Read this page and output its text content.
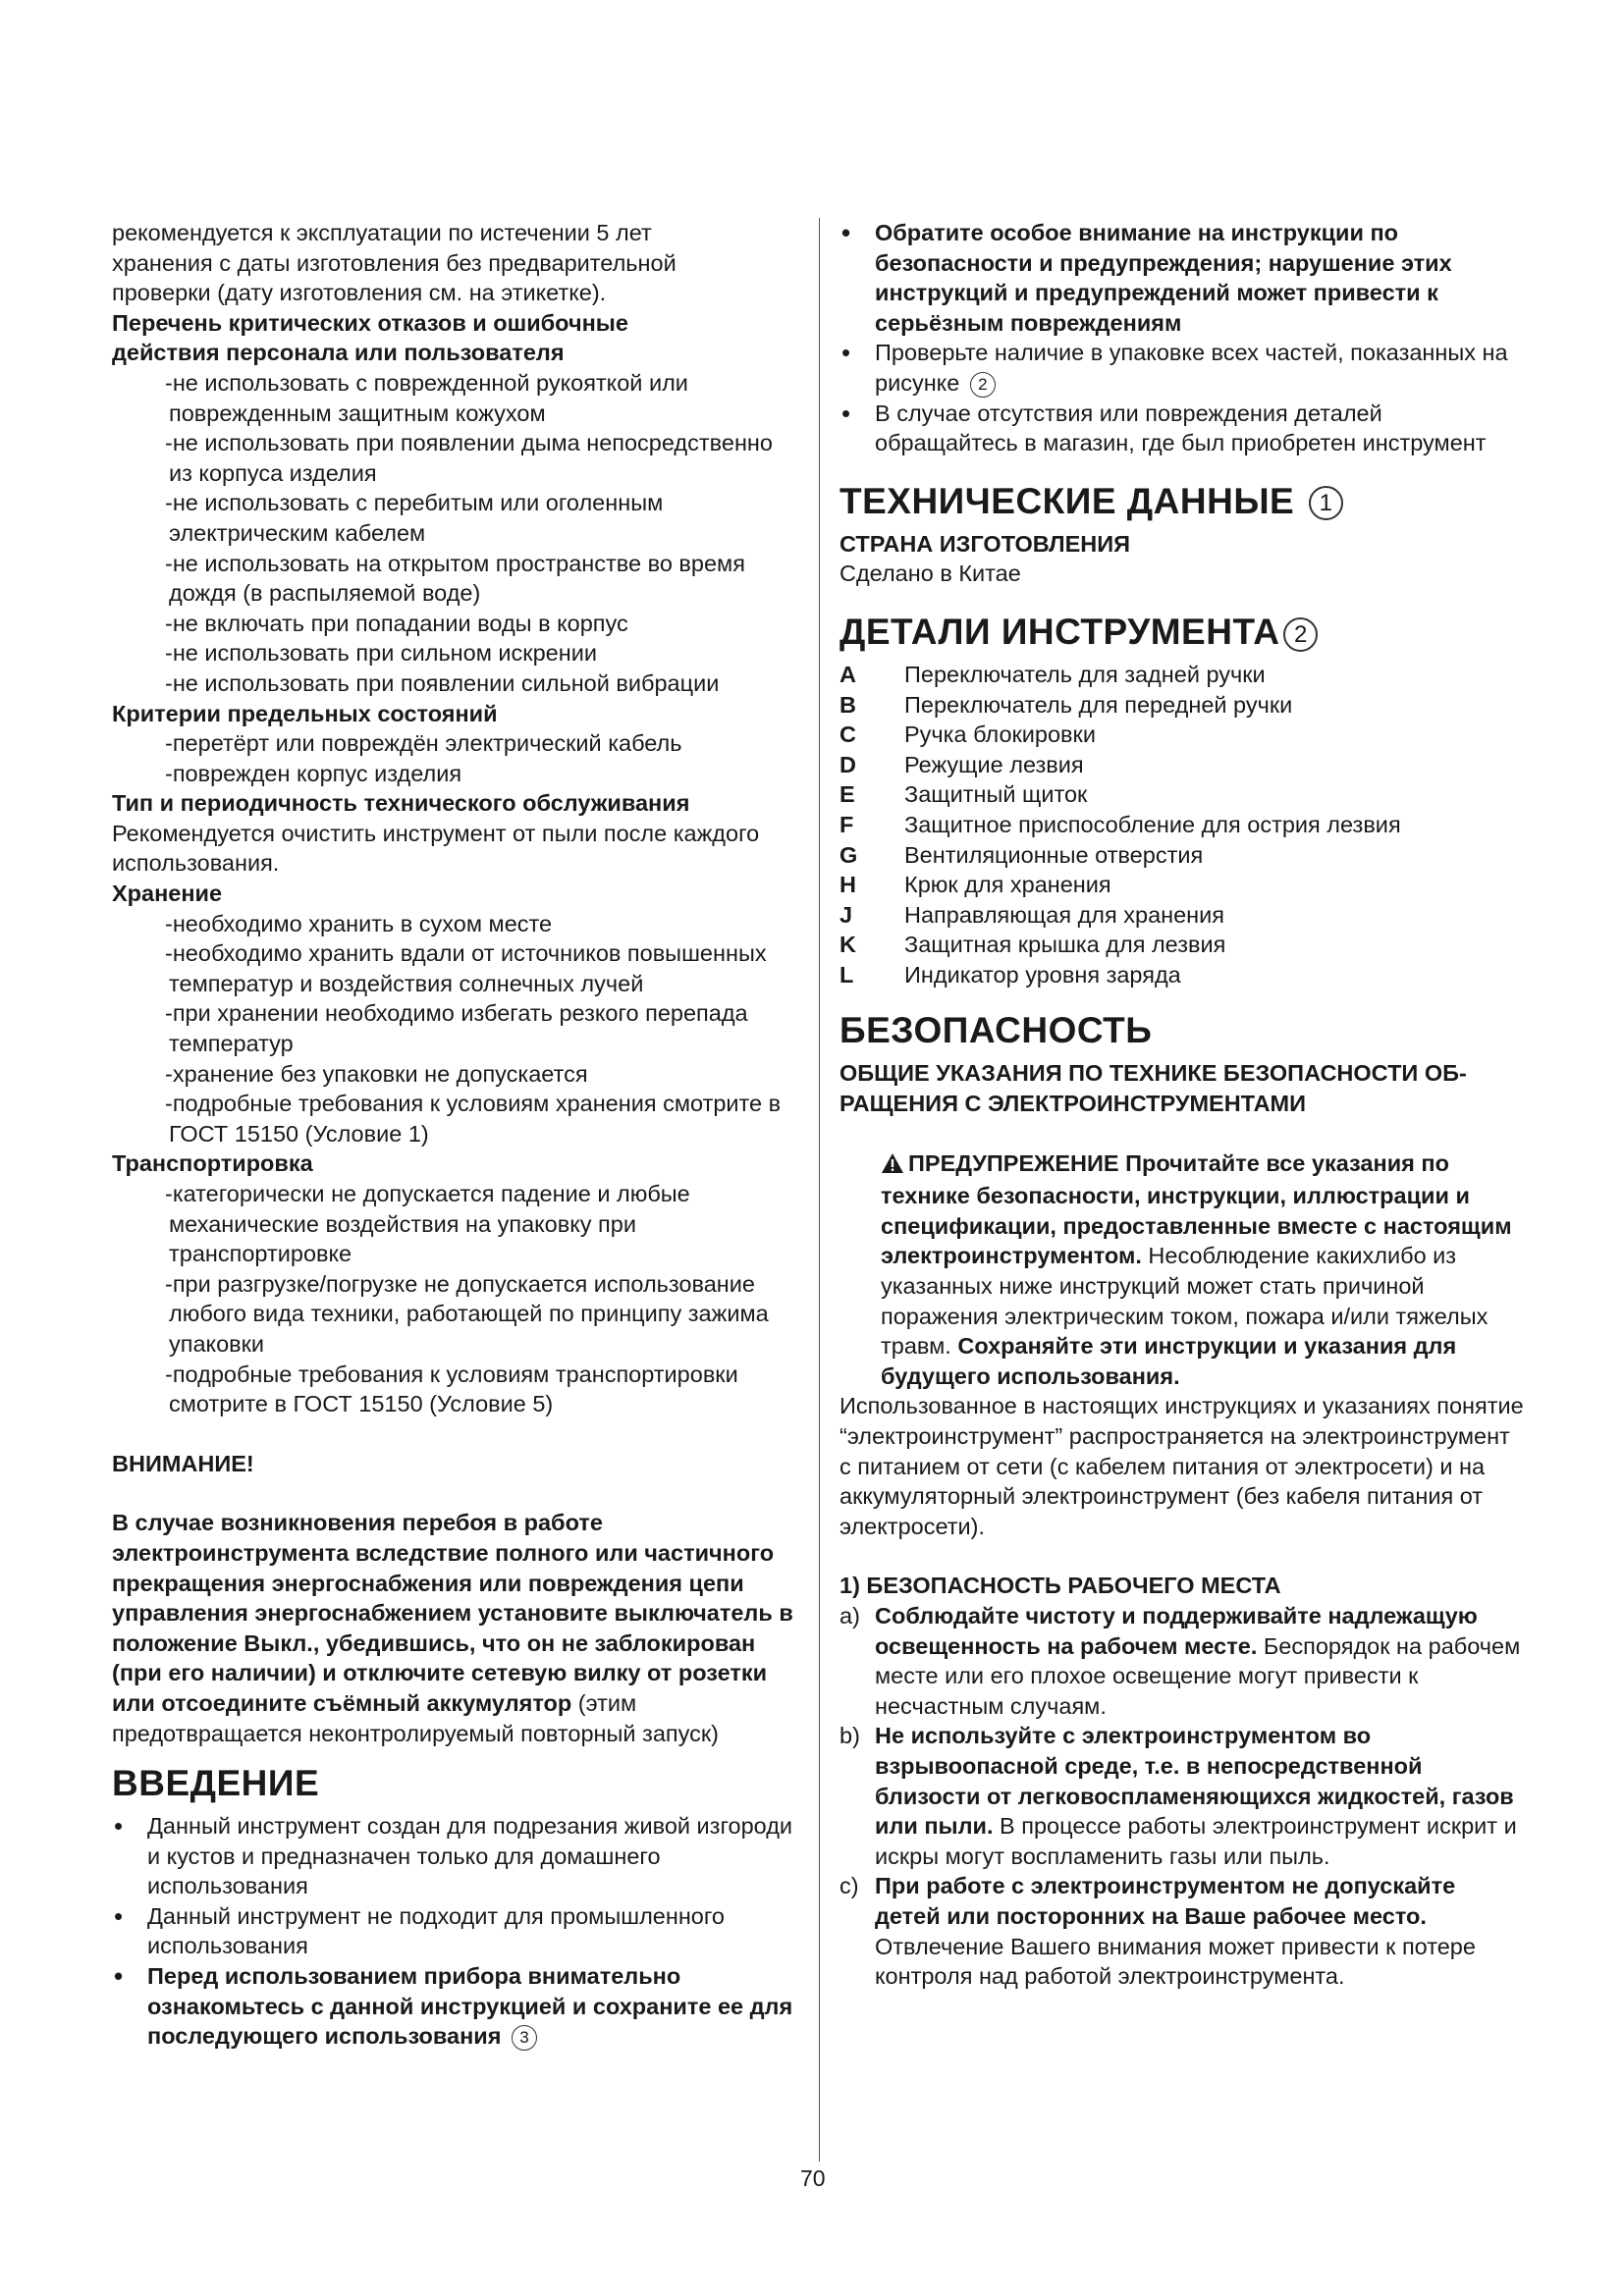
рекомендуется к эксплуатации по истечении 5 лет

хранения с даты изготовления без предварительной

проверки (дату изготовления см. на этикетке).

Перечень критических отказов и ошибочные

действия персонала или пользователя

-не использовать с поврежденной рукояткой или поврежденным защитным кожухом

-не использовать при появлении дыма непосредственно из корпуса изделия

-не использовать с перебитым или оголенным электрическим кабелем

-не использовать на открытом пространстве во время дождя (в распыляемой воде)

-не включать при попадании воды в корпус

-не использовать при сильном искрении

-не использовать при появлении сильной вибрации

Критерии предельных состояний

-перетёрт или повреждён электрический кабель

-поврежден корпус изделия

Тип и периодичность технического обслуживания

Рекомендуется очистить инструмент от пыли после каждого использования.

Хранение

-необходимо хранить в сухом месте

-необходимо хранить вдали от источников повышенных температур и воздействия солнечных лучей

-при хранении необходимо избегать резкого перепада температур

-хранение без упаковки не допускается

-подробные требования к условиям хранения смотрите в ГОСТ 15150 (Условие 1)

Транспортировка

-категорически не допускается падение и любые механические воздействия на упаковку при транспортировке

-при разгрузке/погрузке не допускается использование любого вида техники, работающей по принципу зажима упаковки

-подробные требования к условиям транспортировки смотрите в ГОСТ 15150 (Условие 5)

ВНИМАНИЕ!

В случае возникновения перебоя в работе электроинструмента вследствие полного или частичного прекращения энергоснабжения или повреждения цепи управления энергоснабжением установите выключатель в положение Выкл., убедившись, что он не заблокирован (при его наличии) и отключите сетевую вилку от розетки или отсоедините съёмный аккумулятор (этим предотвращается неконтролируемый повторный запуск)

ВВЕДЕНИЕ
• Данный инструмент создан для подрезания живой изгороди и кустов и предназначен только для домашнего использования
• Данный инструмент не подходит для промышленного использования
• Перед использованием прибора внимательно ознакомьтесь с данной инструкцией и сохраните ее для последующего использования 3
• Обратите особое внимание на инструкции по безопасности и предупреждения; нарушение этих инструкций и предупреждений может привести к серьёзным повреждениям
• Проверьте наличие в упаковке всех частей, показанных на рисунке 2
• В случае отсутствия или повреждения деталей обращайтесь в магазин, где был приобретен инструмент
ТЕХНИЧЕСКИЕ ДАННЫЕ 1

СТРАНА ИЗГОТОВЛЕНИЯ

Сделано в Китае

ДЕТАЛИ ИНСТРУМЕНТА 2
A	Переключатель для задней ручки
B	Переключатель для передней ручки
C	Ручка блокировки
D	Режущие лезвия
E	Защитный щиток
F	Защитное приспособление для острия лезвия
G	Вентиляционные отверстия
H	Крюк для хранения
J	Направляющая для хранения
K	Защитная крышка для лезвия
L	Индикатор уровня заряда
БЕЗОПАСНОСТЬ

ОБЩИЕ УКАЗАНИЯ ПО ТЕХНИКЕ БЕЗОПАСНОСТИ ОБ- РАЩЕНИЯ С ЭЛЕКТРОИНСТРУМЕНТАМИ

ПРЕДУПРЕЖЕНИЕ Прочитайте все указания по технике безопасности, инструкции, иллюстрации и спецификации, предоставленные вместе с настоящим электроинструментом. Несоблюдение какихлибо из указанных ниже инструкций может стать причиной поражения электрическим током, пожара и/или тяжелых травм. Сохраняйте эти инструкции и указания для будущего использования.

Использованное в настоящих инструкциях и указаниях понятие “электроинструмент” распространяется на электроинструмент с питанием от сети (с кабелем питания от электросети) и на аккумуляторный электроинструмент (без кабеля питания от электросети).

1) БЕЗОПАСНОСТЬ РАБОЧЕГО МЕСТА

a) Соблюдайте чистоту и поддерживайте надлежащую освещенность на рабочем месте. Беспорядок на рабочем месте или его плохое освещение могут привести к несчастным случаям.
b) Не используйте с электроинструментом во взрывоопасной среде, т.е. в непосредственной близости от легковоспламеняющихся жидкостей, газов или пыли. В процессе работы электроинструмент искрит и искры могут воспламенить газы или пыль.
c) При работе с электроинструментом не допускайте детей или посторонних на Ваше рабочее место. Отвлечение Вашего внимания может привести к потере контроля над работой электроинструмента.
70
